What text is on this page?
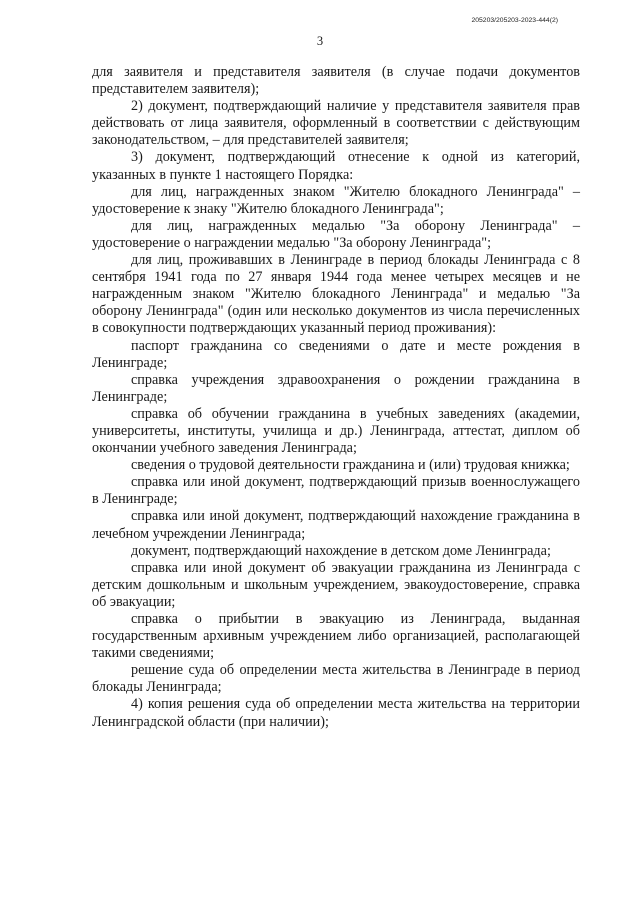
205203/205203-2023-444(2)
3

для заявителя и представителя заявителя (в случае подачи документов представителем заявителя);

2) документ, подтверждающий наличие у представителя заявителя прав действовать от лица заявителя, оформленный в соответствии с действующим законодательством, – для представителей заявителя;

3) документ, подтверждающий отнесение к одной из категорий, указанных в пункте 1 настоящего Порядка:

для лиц, награжденных знаком "Жителю блокадного Ленинграда" – удостоверение к знаку "Жителю блокадного Ленинграда";

для лиц, награжденных медалью "За оборону Ленинграда" – удостоверение о награждении медалью "За оборону Ленинграда";

для лиц, проживавших в Ленинграде в период блокады Ленинграда с 8 сентября 1941 года по 27 января 1944 года менее четырех месяцев и не награжденным знаком "Жителю блокадного Ленинграда" и медалью "За оборону Ленинграда" (один или несколько документов из числа перечисленных в совокупности подтверждающих указанный период проживания):

паспорт гражданина со сведениями о дате и месте рождения в Ленинграде;

справка учреждения здравоохранения о рождении гражданина в Ленинграде;

справка об обучении гражданина в учебных заведениях (академии, университеты, институты, училища и др.) Ленинграда, аттестат, диплом об окончании учебного заведения Ленинграда;

сведения о трудовой деятельности гражданина и (или) трудовая книжка;

справка или иной документ, подтверждающий призыв военнослужащего в Ленинграде;

справка или иной документ, подтверждающий нахождение гражданина в лечебном учреждении Ленинграда;

документ, подтверждающий нахождение в детском доме Ленинграда;

справка или иной документ об эвакуации гражданина из Ленинграда с детским дошкольным и школьным учреждением, эвакоудостоверение, справка об эвакуации;

справка о прибытии в эвакуацию из Ленинграда, выданная государственным архивным учреждением либо организацией, располагающей такими сведениями;

решение суда об определении места жительства в Ленинграде в период блокады Ленинграда;

4) копия решения суда об определении места жительства на территории Ленинградской области (при наличии);
